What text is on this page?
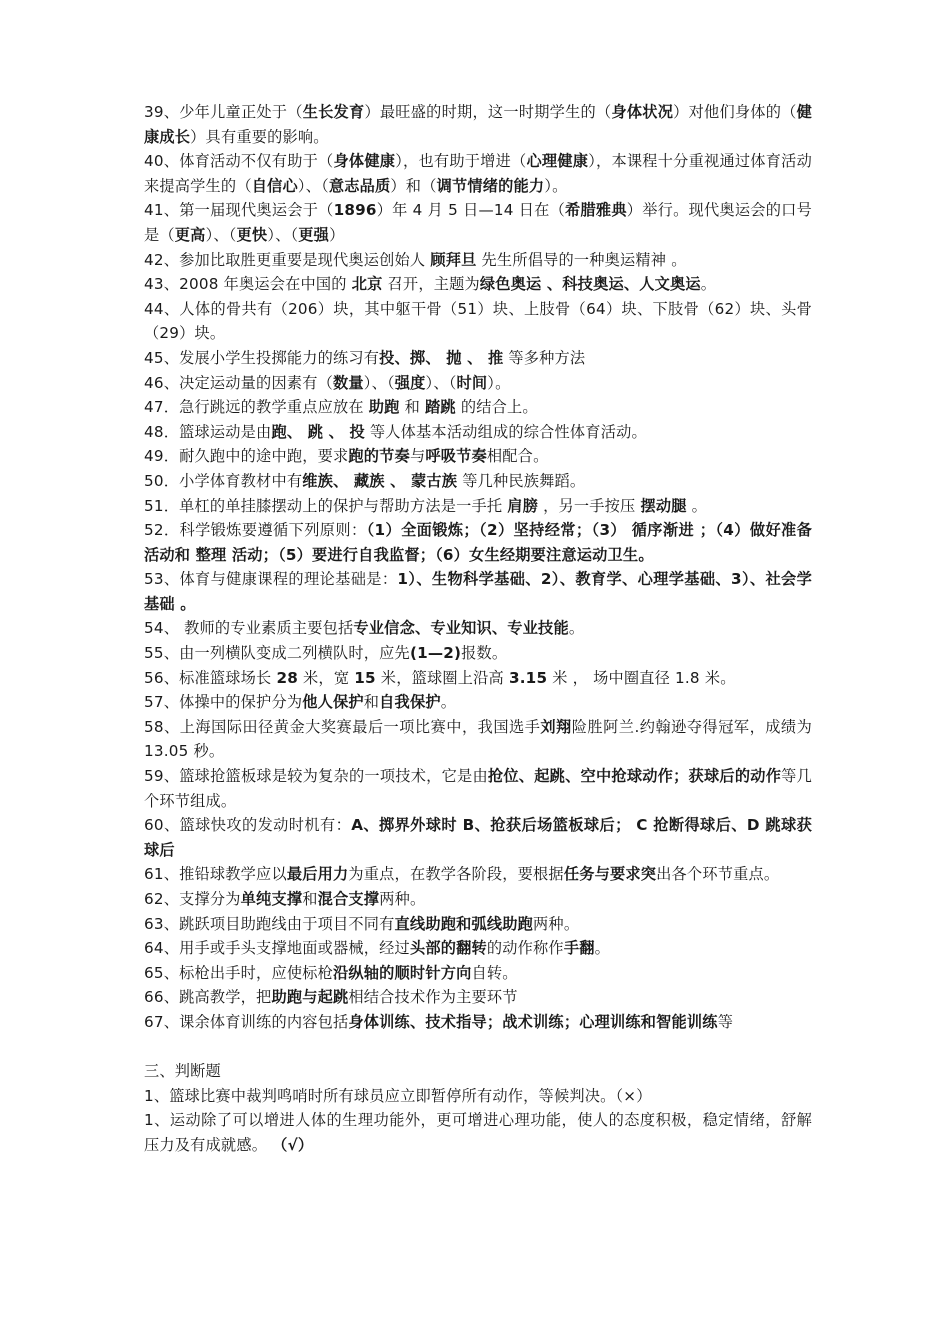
39、少年儿童正处于（生长发育）最旺盛的时期，这一时期学生的（身体状况）对他们身体的（健康成长）具有重要的影响。

40、体育活动不仅有助于（身体健康），也有助于增进（心理健康），本课程十分重视通过体育活动来提高学生的（自信心）、（意志品质）和（调节情绪的能力）。

41、第一届现代奥运会于（1896）年 4 月 5 日—14 日在（希腊雅典）举行。现代奥运会的口号是（更高）、（更快）、（更强）

42、参加比取胜更重要是现代奥运创始人 顾拜旦 先生所倡导的一种奥运精神 。

43、2008 年奥运会在中国的 北京 召开，主题为绿色奥运 、科技奥运、人文奥运。

44、人体的骨共有（206）块，其中躯干骨（51）块、上肢骨（64）块、下肢骨（62）块、头骨（29）块。

45、发展小学生投掷能力的练习有投、掷、 抛 、 推 等多种方法

46、决定运动量的因素有（数量）、（强度）、（时间）。

47．急行跳远的教学重点应放在 助跑 和 踏跳 的结合上。

48．篮球运动是由跑、 跳 、 投 等人体基本活动组成的综合性体育活动。

49．耐久跑中的途中跑，要求跑的节奏与呼吸节奏相配合。

50．小学体育教材中有维族、 藏族 、 蒙古族 等几种民族舞蹈。

51．单杠的单挂膝摆动上的保护与帮助方法是一手托 肩膀 ，另一手按压 摆动腿 。

52．科学锻炼要遵循下列原则：（1）全面锻炼；（2）坚持经常；（3） 循序渐进 ；（4）做好准备活动和 整理 活动；（5）要进行自我监督；（6）女生经期要注意运动卫生。

53、体育与健康课程的理论基础是：1）、生物科学基础、2）、教育学、心理学基础、3）、社会学基础 。

54、 教师的专业素质主要包括专业信念、专业知识、专业技能。

55、由一列横队变成二列横队时，应先(1—2)报数。

56、标准篮球场长 28 米，宽 15 米，篮球圈上沿高 3.15 米 ， 场中圈直径 1.8 米。

57、体操中的保护分为他人保护和自我保护。

58、上海国际田径黄金大奖赛最后一项比赛中，我国选手刘翔险胜阿兰.约翰逊夺得冠军，成绩为 13.05 秒。

59、篮球抢篮板球是较为复杂的一项技术，它是由抢位、起跳、空中抢球动作；获球后的动作等几个环节组成。

60、篮球快攻的发动时机有：A、掷界外球时 B、抢获后场篮板球后； C 抢断得球后、D 跳球获球后

61、推铅球教学应以最后用力为重点，在教学各阶段，要根据任务与要求突出各个环节重点。

62、支撑分为单纯支撑和混合支撑两种。

63、跳跃项目助跑线由于项目不同有直线助跑和弧线助跑两种。

64、用手或手头支撑地面或器械，经过头部的翻转的动作称作手翻。

65、标枪出手时，应使标枪沿纵轴的顺时针方向自转。

66、跳高教学，把助跑与起跳相结合技术作为主要环节

67、课余体育训练的内容包括身体训练、技术指导；战术训练；心理训练和智能训练等

三、判断题

1、篮球比赛中裁判鸣哨时所有球员应立即暂停所有动作，等候判决。（×）

1、运动除了可以增进人体的生理功能外，更可增进心理功能，使人的态度积极，稳定情绪，舒解压力及有成就感。 （√）
